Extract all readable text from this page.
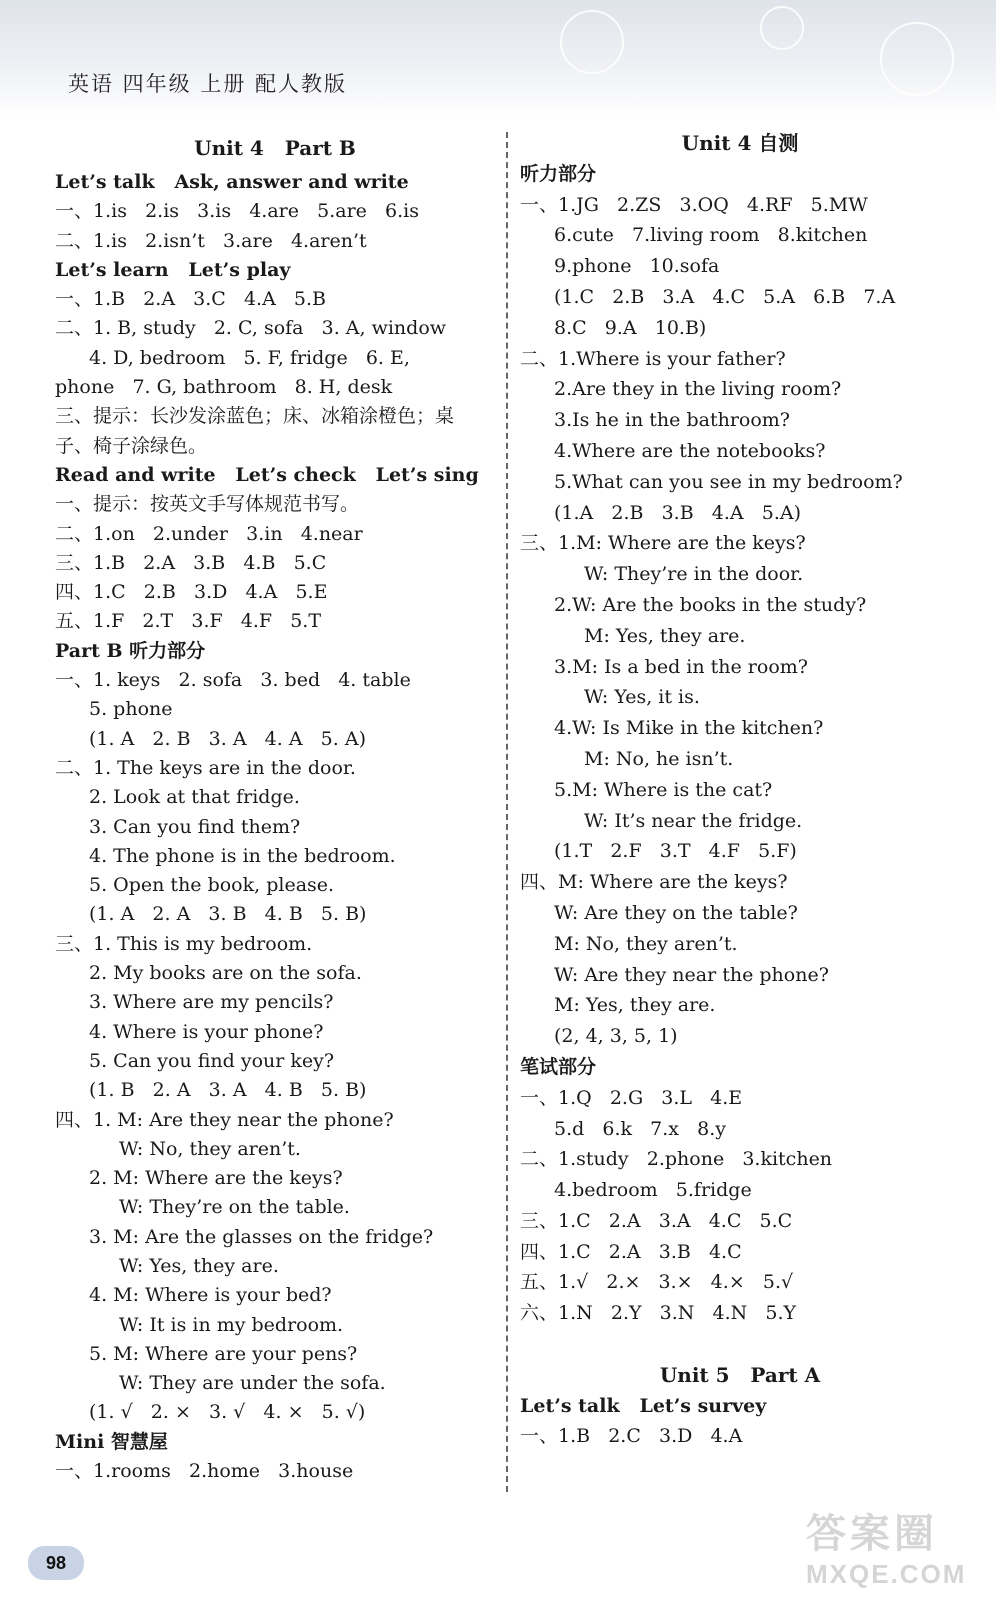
英语 四年级 上册 配人教版
Unit 4   Part B
Let’s talk   Ask, answer and write
一、1.is   2.is   3.is   4.are   5.are   6.is
二、1.is   2.isn’t   3.are   4.aren’t
Let’s learn   Let’s play
一、1.B   2.A   3.C   4.A   5.B
二、1. B, study   2. C, sofa   3. A, window
4. D, bedroom   5. F, fridge   6. E,
phone   7. G, bathroom   8. H, desk
三、提示：长沙发涂蓝色；床、冰箱涂橙色；桌
子、椅子涂绿色。
Read and write   Let’s check   Let’s sing
一、提示：按英文手写体规范书写。
二、1.on   2.under   3.in   4.near
三、1.B   2.A   3.B   4.B   5.C
四、1.C   2.B   3.D   4.A   5.E
五、1.F   2.T   3.F   4.F   5.T
Part B 听力部分
一、1. keys   2. sofa   3. bed   4. table
5. phone
(1. A   2. B   3. A   4. A   5. A)
二、1. The keys are in the door.
2. Look at that fridge.
3. Can you find them?
4. The phone is in the bedroom.
5. Open the book, please.
(1. A   2. A   3. B   4. B   5. B)
三、1. This is my bedroom.
2. My books are on the sofa.
3. Where are my pencils?
4. Where is your phone?
5. Can you find your key?
(1. B   2. A   3. A   4. B   5. B)
四、1. M: Are they near the phone?
W: No, they aren’t.
2. M: Where are the keys?
W: They’re on the table.
3. M: Are the glasses on the fridge?
W: Yes, they are.
4. M: Where is your bed?
W: It is in my bedroom.
5. M: Where are your pens?
W: They are under the sofa.
(1. √   2. ×   3. √   4. ×   5. √)
Mini 智慧屋
一、1.rooms   2.home   3.house
Unit 4 自测
听力部分
一、1.JG   2.ZS   3.OQ   4.RF   5.MW
6.cute   7.living room   8.kitchen
9.phone   10.sofa
(1.C   2.B   3.A   4.C   5.A   6.B   7.A
8.C   9.A   10.B)
二、1.Where is your father?
2.Are they in the living room?
3.Is he in the bathroom?
4.Where are the notebooks?
5.What can you see in my bedroom?
(1.A   2.B   3.B   4.A   5.A)
三、1.M: Where are the keys?
W: They’re in the door.
2.W: Are the books in the study?
M: Yes, they are.
3.M: Is a bed in the room?
W: Yes, it is.
4.W: Is Mike in the kitchen?
M: No, he isn’t.
5.M: Where is the cat?
W: It’s near the fridge.
(1.T   2.F   3.T   4.F   5.F)
四、M: Where are the keys?
W: Are they on the table?
M: No, they aren’t.
W: Are they near the phone?
M: Yes, they are.
(2, 4, 3, 5, 1)
笔试部分
一、1.Q   2.G   3.L   4.E
5.d   6.k   7.x   8.y
二、1.study   2.phone   3.kitchen
4.bedroom   5.fridge
三、1.C   2.A   3.A   4.C   5.C
四、1.C   2.A   3.B   4.C
五、1.√   2.×   3.×   4.×   5.√
六、1.N   2.Y   3.N   4.N   5.Y
Unit 5   Part A
Let’s talk   Let’s survey
一、1.B   2.C   3.D   4.A
98
答案圈
MXQE.COM
